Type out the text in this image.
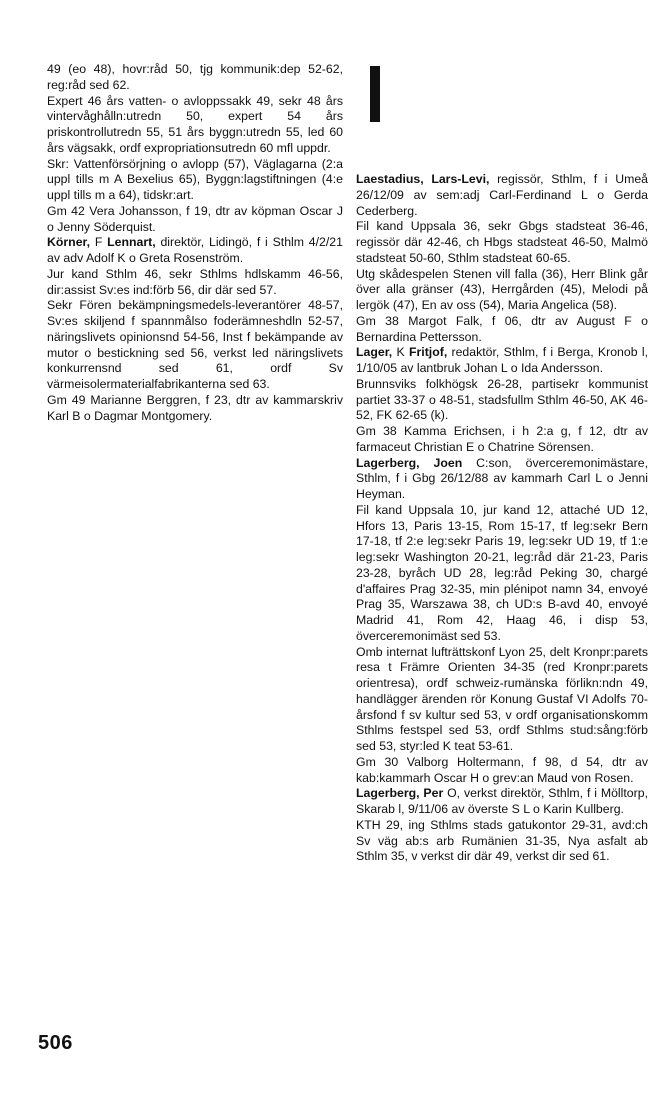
49 (eo 48), hovr:råd 50, tjg kommunik:dep 52-62, reg:råd sed 62.

Expert 46 års vatten- o avloppssakk 49, sekr 48 års vintervåghålln:utredn 50, expert 54 års priskontrollutredn 55, 51 års byggn:utredn 55, led 60 års vägsakk, ordf expropriationsutredn 60 mfl uppdr.

Skr: Vattenförsörjning o avlopp (57), Väglagarna (2:a uppl tills m A Bexelius 65), Byggn:lagstiftningen (4:e uppl tills m a 64), tidskr:art.

Gm 42 Vera Johansson, f 19, dtr av köpman Oscar J o Jenny Söderquist.

Körner, F Lennart, direktör, Lidingö, f i Sthlm 4/2/21 av adv Adolf K o Greta Rosenström.

Jur kand Sthlm 46, sekr Sthlms hdlskamm 46-56, dir:assist Sv:es ind:förb 56, dir där sed 57.

Sekr Fören bekämpningsmedels-leverantörer 48-57, Sv:es skiljend f spannmålso foderämneshdln 52-57, näringslivets opinionsnd 54-56, Inst f bekämpande av mutor o bestickning sed 56, verkst led näringslivets konkurrensnd sed 61, ordf Sv värmeisolermaterialfabrikanterna sed 63.

Gm 49 Marianne Berggren, f 23, dtr av kammarskriv Karl B o Dagmar Montgomery.

Laestadius, Lars-Levi, regissör, Sthlm, f i Umeå 26/12/09 av sem:adj Carl-Ferdinand L o Gerda Cederberg.

Fil kand Uppsala 36, sekr Gbgs stadsteat 36-46, regissör där 42-46, ch Hbgs stadsteat 46-50, Malmö stadsteat 50-60, Sthlm stadsteat 60-65.

Utg skådespelen Stenen vill falla (36), Herr Blink går över alla gränser (43), Herrgården (45), Melodi på lergök (47), En av oss (54), Maria Angelica (58).

Gm 38 Margot Falk, f 06, dtr av August F o Bernardina Pettersson.

Lager, K Fritjof, redaktör, Sthlm, f i Berga, Kronob l, 1/10/05 av lantbruk Johan L o Ida Andersson.

Brunnsviks folkhögsk 26-28, partisekr kommunist partiet 33-37 o 48-51, stadsfullm Sthlm 46-50, AK 46-52, FK 62-65 (k).

Gm 38 Kamma Erichsen, i h 2:a g, f 12, dtr av farmaceut Christian E o Chatrine Sörensen.

Lagerberg, Joen C:son, överceremonimästare, Sthlm, f i Gbg 26/12/88 av kammarh Carl L o Jenni Heyman.

Fil kand Uppsala 10, jur kand 12, attaché UD 12, Hfors 13, Paris 13-15, Rom 15-17, tf leg:sekr Bern 17-18, tf 2:e leg:sekr Paris 19, leg:sekr UD 19, tf 1:e leg:sekr Washington 20-21, leg:råd där 21-23, Paris 23-28, byråch UD 28, leg:råd Peking 30, chargé d'affaires Prag 32-35, min plénipot namn 34, envoyé Prag 35, Warszawa 38, ch UD:s B-avd 40, envoyé Madrid 41, Rom 42, Haag 46, i disp 53, överceremonimäst sed 53.

Omb internat lufträttskonf Lyon 25, delt Kronpr:parets resa t Främre Orienten 34-35 (red Kronpr:parets orientresa), ordf schweiz-rumänska förlikn:ndn 49, handlägger ärenden rör Konung Gustaf VI Adolfs 70-årsfond f sv kultur sed 53, v ordf organisationskomm Sthlms festspel sed 53, ordf Sthlms stud:sång:förb sed 53, styr:led K teat 53-61.

Gm 30 Valborg Holtermann, f 98, d 54, dtr av kab:kammarh Oscar H o grev:an Maud von Rosen.

Lagerberg, Per O, verkst direktör, Sthlm, f i Mölltorp, Skarab l, 9/11/06 av överste S L o Karin Kullberg.

KTH 29, ing Sthlms stads gatukontor 29-31, avd:ch Sv väg ab:s arb Rumänien 31-35, Nya asfalt ab Sthlm 35, v verkst dir där 49, verkst dir sed 61.

506
